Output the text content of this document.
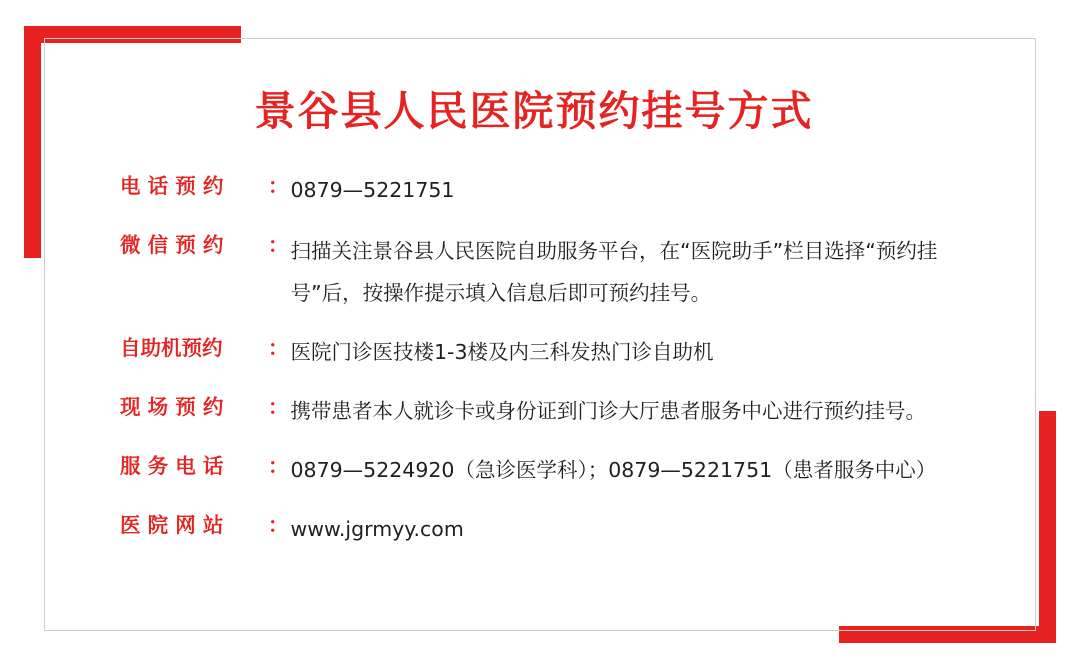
景谷县人民医院预约挂号方式
电 话 预 约	： 0879—5221751
微 信 预 约	： 扫描关注景谷县人民医院自助服务平台，在“医院助手”栏目选择“预约挂号”后，按操作提示填入信息后即可预约挂号。
自助机预约	： 医院门诊医技楼1-3楼及内三科发热门诊自助机
现 场 预 约	： 携带患者本人就诊卡或身份证到门诊大厅患者服务中心进行预约挂号。
服 务 电 话	： 0879—5224920（急诊医学科）；0879—5221751（患者服务中心）
医 院 网 站	： www.jgrmyy.com
